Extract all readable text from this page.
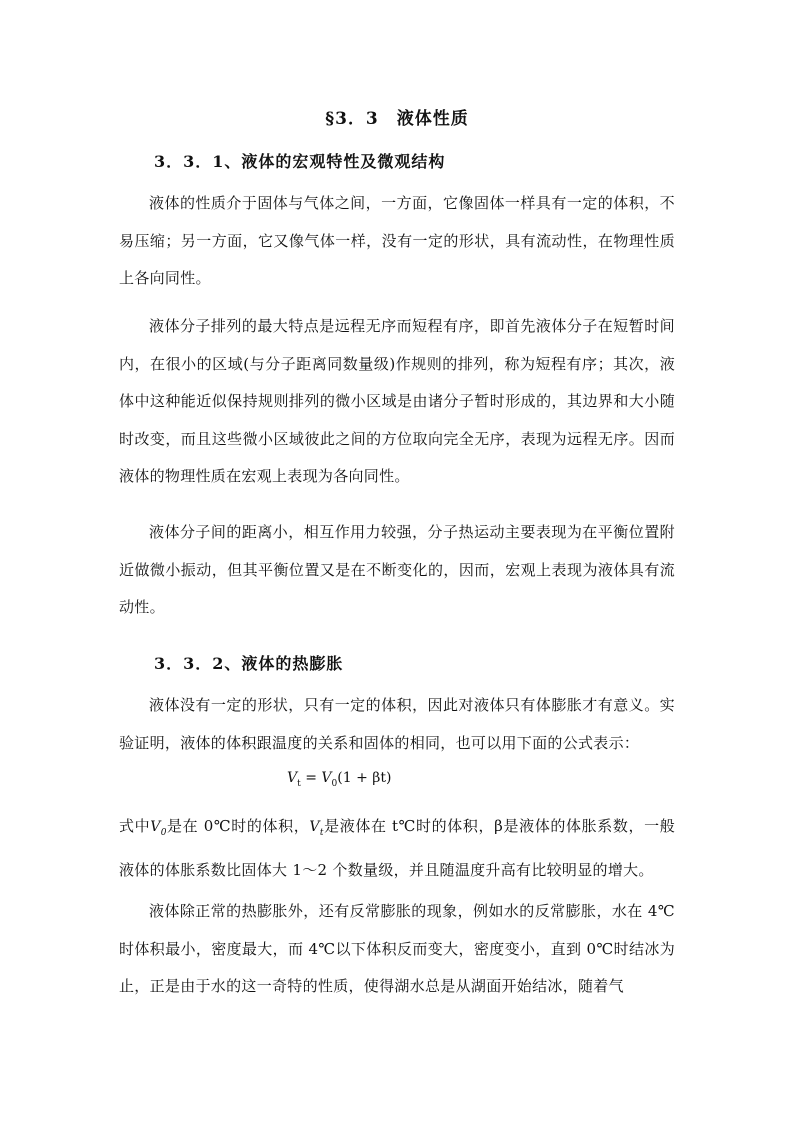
§3．3　液体性质
3．3．1、液体的宏观特性及微观结构
液体的性质介于固体与气体之间，一方面，它像固体一样具有一定的体积，不易压缩；另一方面，它又像气体一样，没有一定的形状，具有流动性，在物理性质上各向同性。
液体分子排列的最大特点是远程无序而短程有序，即首先液体分子在短暂时间内，在很小的区域(与分子距离同数量级)作规则的排列，称为短程有序；其次，液体中这种能近似保持规则排列的微小区域是由诸分子暂时形成的，其边界和大小随时改变，而且这些微小区域彼此之间的方位取向完全无序，表现为远程无序。因而液体的物理性质在宏观上表现为各向同性。
液体分子间的距离小，相互作用力较强，分子热运动主要表现为在平衡位置附近做微小振动，但其平衡位置又是在不断变化的，因而，宏观上表现为液体具有流动性。
3．3．2、液体的热膨胀
液体没有一定的形状，只有一定的体积，因此对液体只有体膨胀才有意义。实验证明，液体的体积跟温度的关系和固体的相同，也可以用下面的公式表示：
$V_t = V_0(1 + \beta t)$
式中$V_0$是在 0℃时的体积，$V_t$是液体在 t℃时的体积，β是液体的体胀系数，一般液体的体胀系数比固体大 1～2 个数量级，并且随温度升高有比较明显的增大。
液体除正常的热膨胀外，还有反常膨胀的现象，例如水的反常膨胀，水在 4℃时体积最小，密度最大，而 4℃以下体积反而变大，密度变小，直到 0℃时结冰为止，正是由于水的这一奇特的性质，使得湖水总是从湖面开始结冰，随着气
